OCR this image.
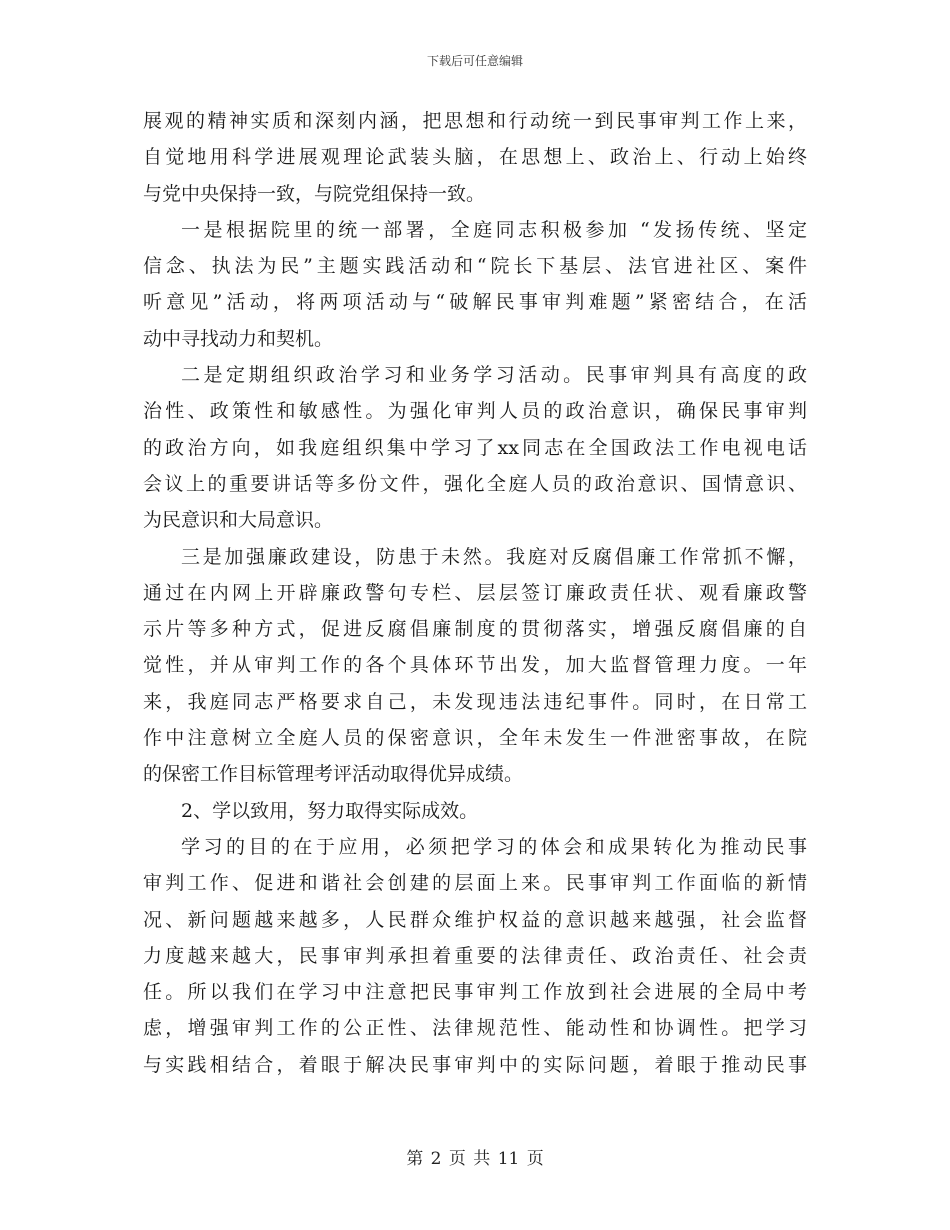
下载后可任意编辑
展观的精神实质和深刻内涵，把思想和行动统一到民事审判工作上来，
自觉地用科学进展观理论武装头脑，在思想上、政治上、行动上始终
与党中央保持一致，与院党组保持一致。
一是根据院里的统一部署，全庭同志积极参加 “发扬传统、坚定
信念、执法为民”主题实践活动和“院长下基层、法官进社区、案件
听意见”活动，将两项活动与“破解民事审判难题”紧密结合，在活
动中寻找动力和契机。
二是定期组织政治学习和业务学习活动。民事审判具有高度的政
治性、政策性和敏感性。为强化审判人员的政治意识，确保民事审判
的政治方向，如我庭组织集中学习了xx同志在全国政法工作电视电话
会议上的重要讲话等多份文件，强化全庭人员的政治意识、国情意识、
为民意识和大局意识。
三是加强廉政建设，防患于未然。我庭对反腐倡廉工作常抓不懈，
通过在内网上开辟廉政警句专栏、层层签订廉政责任状、观看廉政警
示片等多种方式，促进反腐倡廉制度的贯彻落实，增强反腐倡廉的自
觉性，并从审判工作的各个具体环节出发，加大监督管理力度。一年
来，我庭同志严格要求自己，未发现违法违纪事件。同时，在日常工
作中注意树立全庭人员的保密意识，全年未发生一件泄密事故，在院
的保密工作目标管理考评活动取得优异成绩。
2、学以致用，努力取得实际成效。
学习的目的在于应用，必须把学习的体会和成果转化为推动民事
审判工作、促进和谐社会创建的层面上来。民事审判工作面临的新情
况、新问题越来越多，人民群众维护权益的意识越来越强，社会监督
力度越来越大，民事审判承担着重要的法律责任、政治责任、社会责
任。所以我们在学习中注意把民事审判工作放到社会进展的全局中考
虑，增强审判工作的公正性、法律规范性、能动性和协调性。把学习
与实践相结合，着眼于解决民事审判中的实际问题，着眼于推动民事
第 2 页 共 11 页
